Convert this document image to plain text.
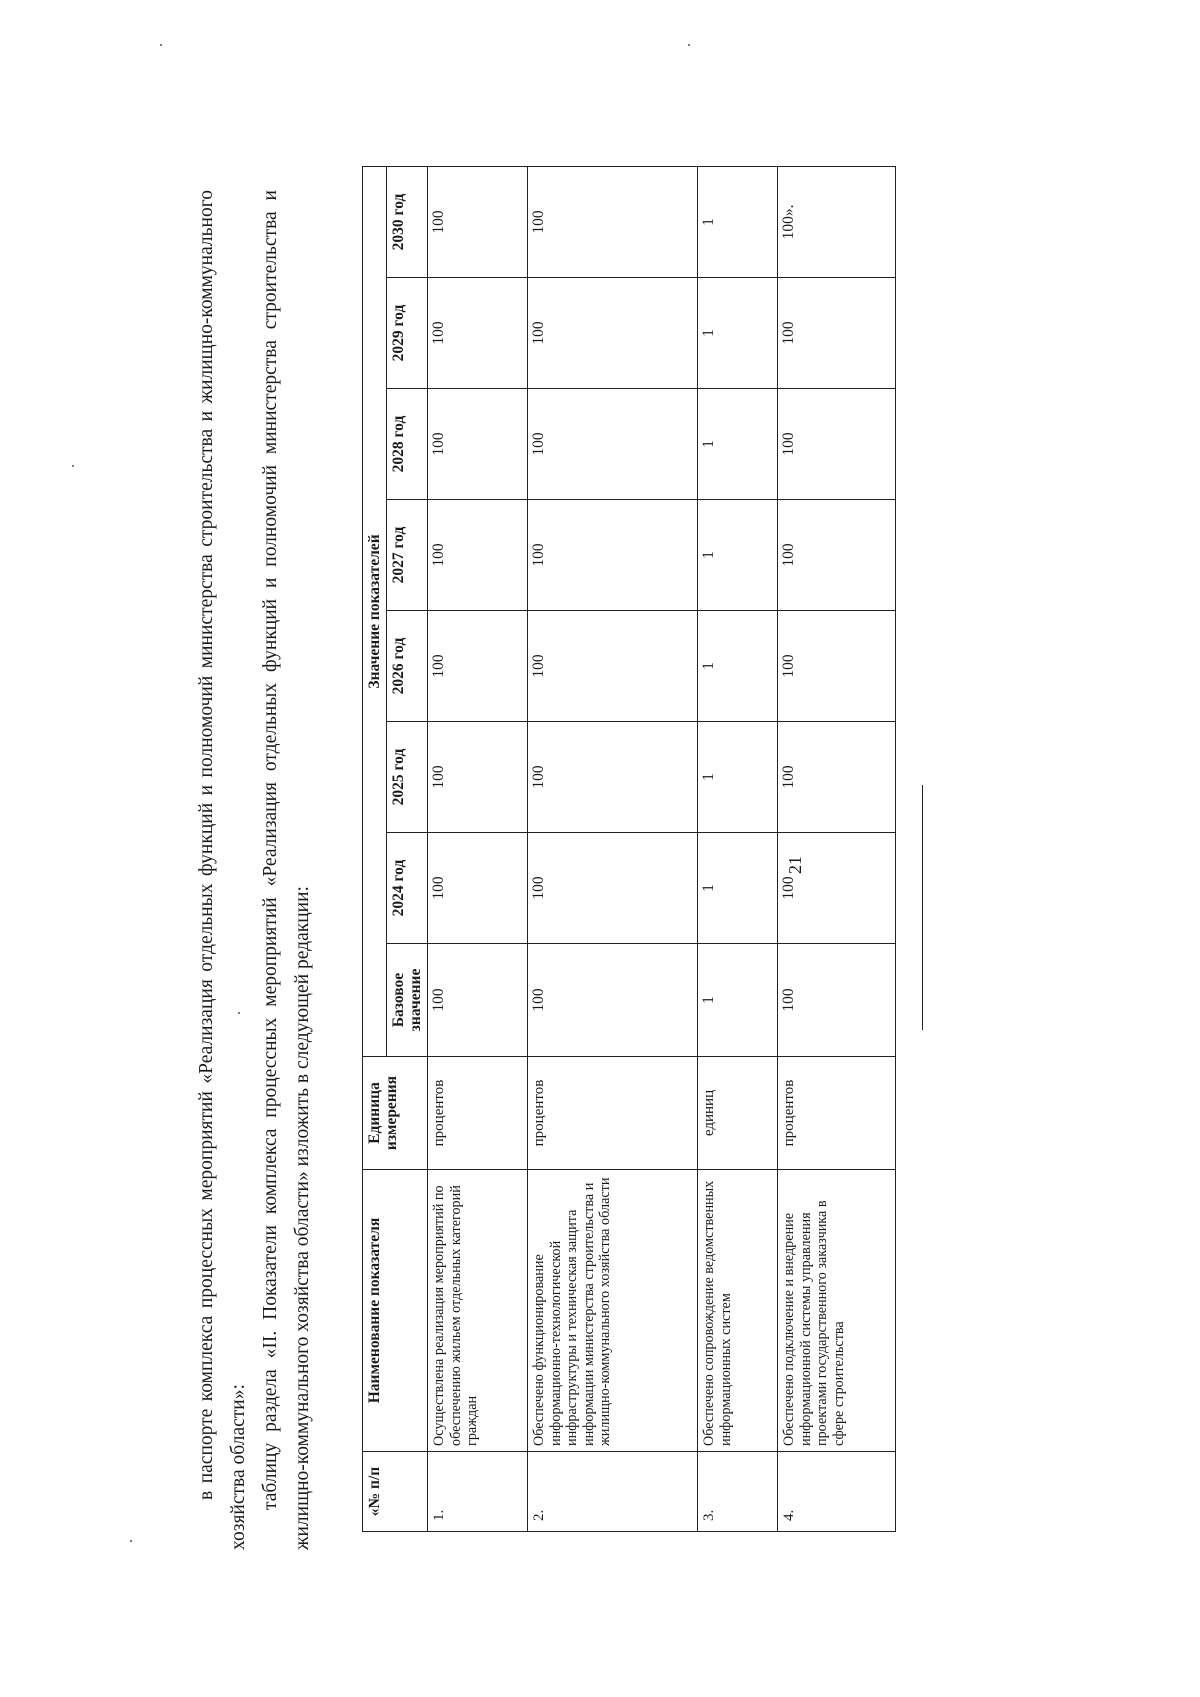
21
в паспорте комплекса процессных мероприятий «Реализация отдельных функций и полномочий министерства строительства и жилищно-коммунального хозяйства области»: таблицу раздела «II. Показатели комплекса процессных мероприятий «Реализация отдельных функций и полномочий министерства строительства и жилищно-коммунального хозяйства области» изложить в следующей редакции:	«№ п/п	Наименование показателя	Единица измерения	Значение показателей							
			Базовое значение	2024 год	2025 год	2026 год	2027 год	2028 год	2029 год	2030 год
1.	Осуществлена реализация мероприятий по обеспечению жильем отдельных категорий граждан	процентов	100	100	100	100	100	100	100	100
2.	Обеспечено функционирование информационно-технологической инфраструктуры и техническая защита информации министерства строительства и жилищно-коммунального хозяйства области	процентов	100	100	100	100	100	100	100	100
3.	Обеспечено сопровождение ведомственных информационных систем	единиц	1	1	1	1	1	1	1	1
4.	Обеспечено подключение и внедрение информационной системы управления проектами государственного заказчика в сфере строительства	процентов	100	100	100	100	100	100	100	100».
